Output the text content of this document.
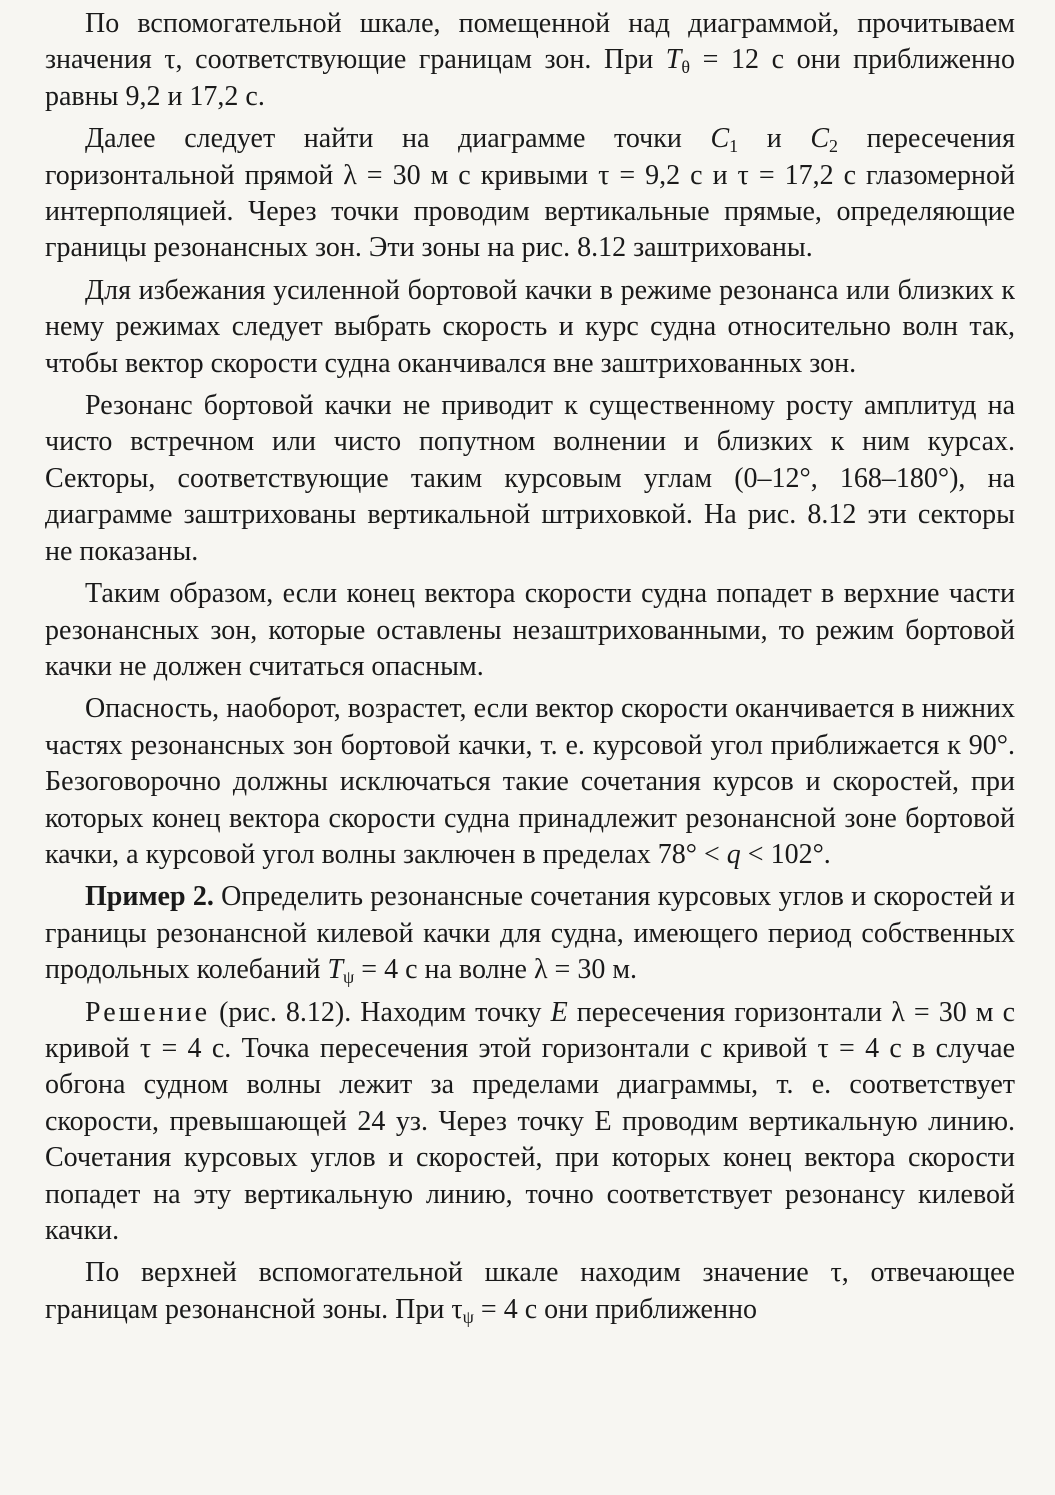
По вспомогательной шкале, помещенной над диаграммой, прочитываем значения τ, соответствующие границам зон. При $T_\theta = 12$ с они приближенно равны 9,2 и 17,2 с.

Далее следует найти на диаграмме точки $C_1$ и $C_2$ пересечения горизонтальной прямой λ = 30 м с кривыми τ = 9,2 с и τ = 17,2 с глазомерной интерполяцией. Через точки проводим вертикальные прямые, определяющие границы резонансных зон. Эти зоны на рис. 8.12 заштрихованы.

Для избежания усиленной бортовой качки в режиме резонанса или близких к нему режимах следует выбрать скорость и курс судна относительно волн так, чтобы вектор скорости судна оканчивался вне заштрихованных зон.

Резонанс бортовой качки не приводит к существенному росту амплитуд на чисто встречном или чисто попутном волнении и близких к ним курсах. Секторы, соответствующие таким курсовым углам (0–12°, 168–180°), на диаграмме заштрихованы вертикальной штриховкой. На рис. 8.12 эти секторы не показаны.

Таким образом, если конец вектора скорости судна попадет в верхние части резонансных зон, которые оставлены незаштрихованными, то режим бортовой качки не должен считаться опасным.

Опасность, наоборот, возрастет, если вектор скорости оканчивается в нижних частях резонансных зон бортовой качки, т. е. курсовой угол приближается к 90°. Безоговорочно должны исключаться такие сочетания курсов и скоростей, при которых конец вектора скорости судна принадлежит резонансной зоне бортовой качки, а курсовой угол волны заключен в пределах 78° < q < 102°.

Пример 2. Определить резонансные сочетания курсовых углов и скоростей и границы резонансной килевой качки для судна, имеющего период собственных продольных колебаний $T_\psi = 4$ с на волне λ = 30 м.

Решение (рис. 8.12). Находим точку E пересечения горизонтали λ = 30 м с кривой τ = 4 с. Точка пересечения этой горизонтали с кривой τ = 4 с в случае обгона судном волны лежит за пределами диаграммы, т. е. соответствует скорости, превышающей 24 уз. Через точку Е проводим вертикальную линию. Сочетания курсовых углов и скоростей, при которых конец вектора скорости попадет на эту вертикальную линию, точно соответствует резонансу килевой качки.

По верхней вспомогательной шкале находим значение τ, отвечающее границам резонансной зоны. При $\tau_\psi = 4$ с они приближенно
